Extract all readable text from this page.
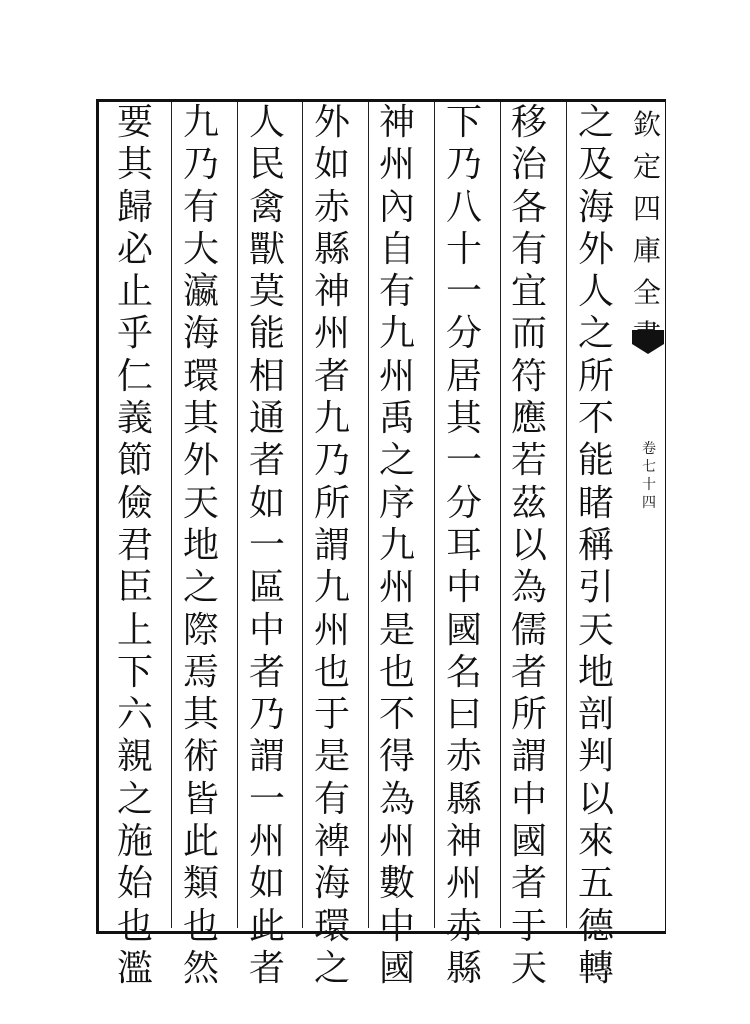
欽
定
四
庫
全
卷
七
十
四
之
及
海
外
人
之
所
不
能
睹
稱
引
天
地
剖
判
以
來
五
德
轉
移
治
各
有
宜
而
符
應
若
茲
以
為
儒
者
所
謂
中
國
者
于
天
下
乃
八
十
一
分
居
其
一
分
耳
中
國
名
曰
赤
縣
神
州
赤
縣
神
州
內
自
有
九
州
禹
之
序
九
州
是
也
不
得
為
州
數
中
國
外
如
赤
縣
神
州
者
九
乃
所
謂
九
州
也
于
是
有
裨
海
環
之
人
民
禽
獸
莫
能
相
通
者
如
一
區
中
者
乃
謂
一
州
如
此
者
九
乃
有
大
瀛
海
環
其
外
天
地
之
際
焉
其
術
皆
此
類
也
然
要
其
歸
必
止
乎
仁
義
節
儉
君
臣
上
下
六
親
之
施
始
也
濫
